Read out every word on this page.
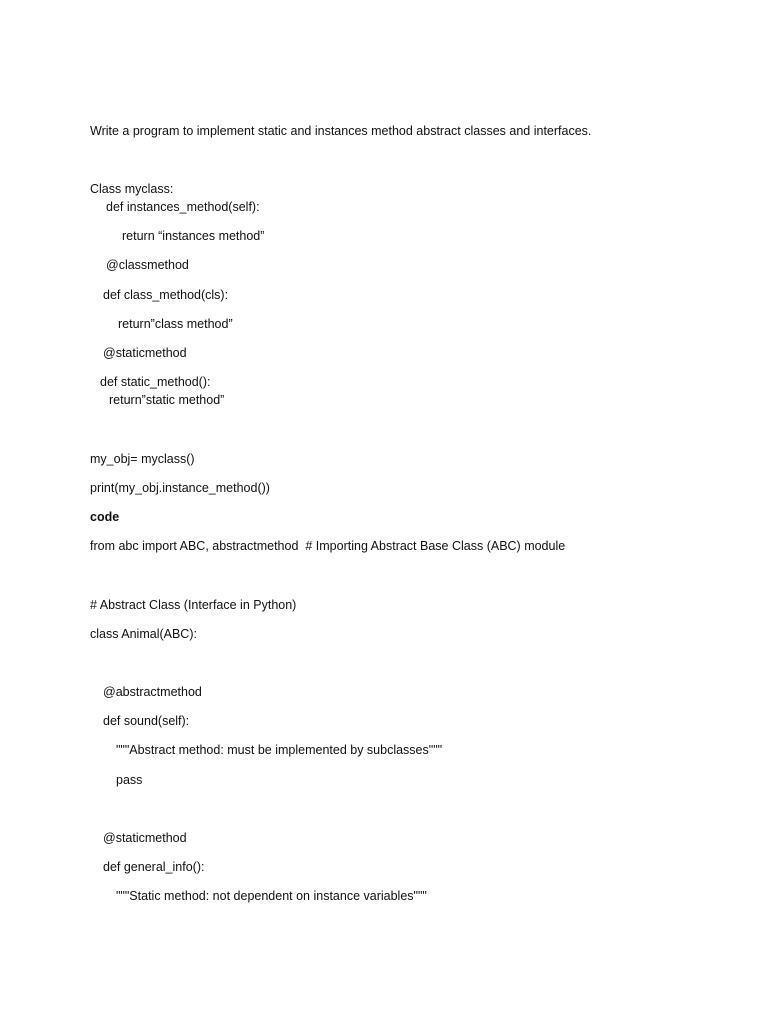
Write a program to implement static and instances method abstract classes and interfaces.

Class myclass:

def instances_method(self):

return “instances method”

@classmethod

def class_method(cls):

return”class method”

@staticmethod

def static_method():

return”static method”

my_obj= myclass()

print(my_obj.instance_method())

code

from abc import ABC, abstractmethod  # Importing Abstract Base Class (ABC) module

# Abstract Class (Interface in Python)

class Animal(ABC):

@abstractmethod

def sound(self):

"""Abstract method: must be implemented by subclasses"""

pass

@staticmethod

def general_info():

"""Static method: not dependent on instance variables"""
